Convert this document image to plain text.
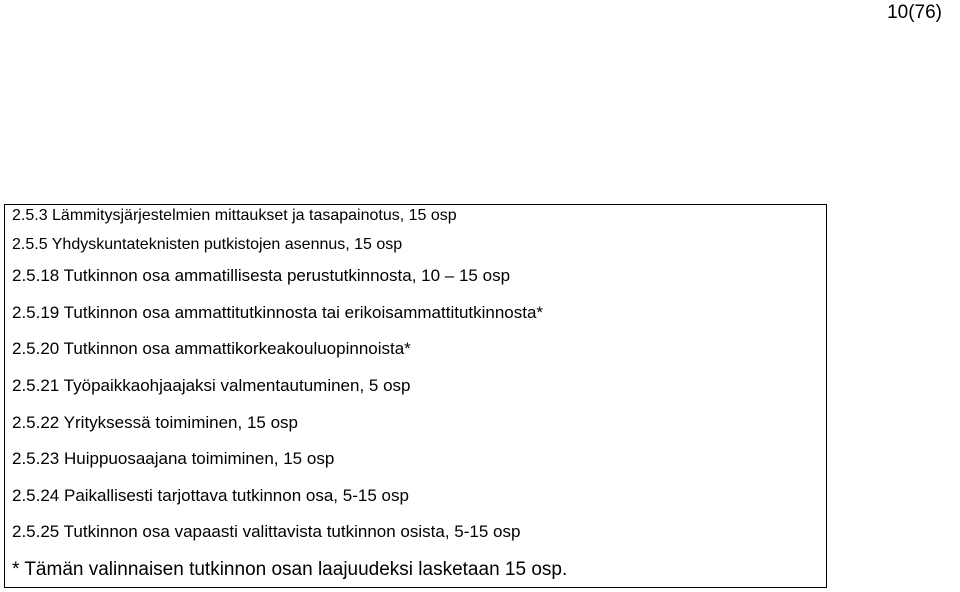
10(76)
2.5.3 Lämmitysjärjestelmien mittaukset ja tasapainotus, 15 osp
2.5.5 Yhdyskuntateknisten putkistojen asennus, 15 osp
2.5.18 Tutkinnon osa ammatillisesta perustutkinnosta, 10 – 15 osp
2.5.19 Tutkinnon osa ammattitutkinnosta tai erikoisammattitutkinnosta*
2.5.20 Tutkinnon osa ammattikorkeakouluopinnoista*
2.5.21 Työpaikkaohjaajaksi valmentautuminen, 5 osp
2.5.22 Yrityksessä toimiminen, 15 osp
2.5.23 Huippuosaajana toimiminen, 15 osp
2.5.24 Paikallisesti tarjottava tutkinnon osa, 5-15 osp
2.5.25 Tutkinnon osa vapaasti valittavista tutkinnon osista, 5-15 osp
* Tämän valinnaisen tutkinnon osan laajuudeksi lasketaan 15 osp.
